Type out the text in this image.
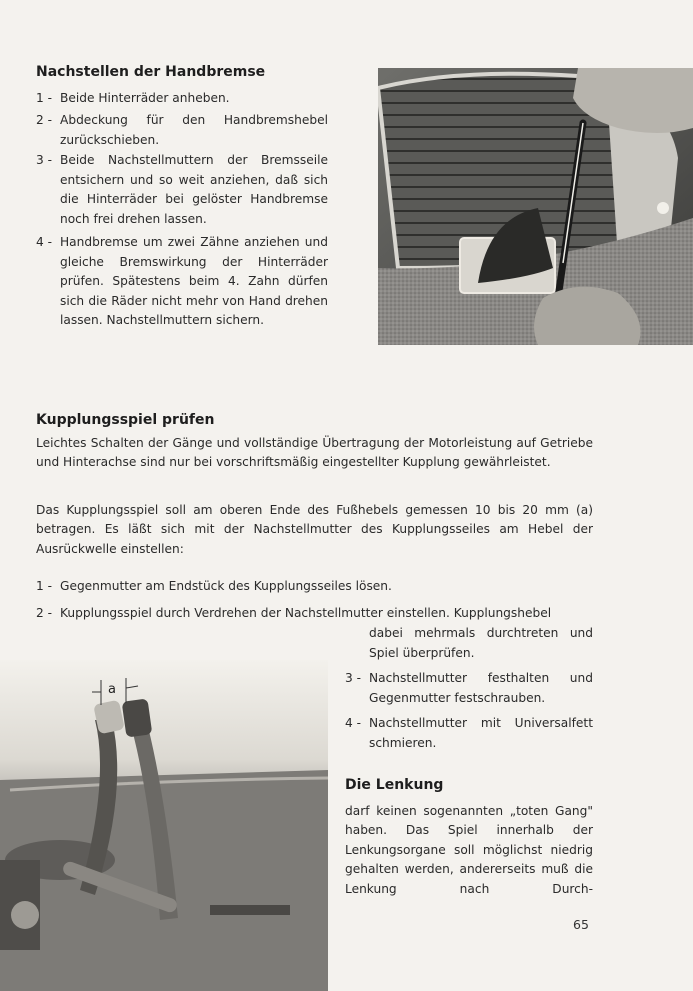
Nachstellen der Handbremse
1 - Beide Hinterräder anheben.
2 - Abdeckung für den Handbremshebel zurückschieben.
3 - Beide Nachstellmuttern der Bremsseile entsichern und so weit anziehen, daß sich die Hinterräder bei gelöster Handbremse noch frei drehen lassen.
4 - Handbremse um zwei Zähne anziehen und gleiche Bremswirkung der Hinterräder prüfen. Spätestens beim 4. Zahn dürfen sich die Räder nicht mehr von Hand drehen lassen. Nachstellmuttern sichern.
Kupplungsspiel prüfen
Leichtes Schalten der Gänge und vollständige Übertragung der Motorleistung auf Getriebe und Hinterachse sind nur bei vorschriftsmäßig eingestellter Kupplung gewährleistet.
Das Kupplungsspiel soll am oberen Ende des Fußhebels gemessen 10 bis 20 mm (a) betragen. Es läßt sich mit der Nachstellmutter des Kupplungsseiles am Hebel der Ausrückwelle einstellen:
1 - Gegenmutter am Endstück des Kupplungsseiles lösen.
2 - Kupplungsspiel durch Verdrehen der Nachstellmutter einstellen. Kupplungshebel
dabei mehrmals durchtreten und Spiel überprüfen.
3 - Nachstellmutter festhalten und Gegenmutter festschrauben.
4 - Nachstellmutter mit Universalfett schmieren.
a
Die Lenkung
darf keinen sogenannten „toten Gang" haben. Das Spiel innerhalb der Lenkungsorgane soll möglichst niedrig gehalten werden, andererseits muß die Lenkung nach Durch-
65
